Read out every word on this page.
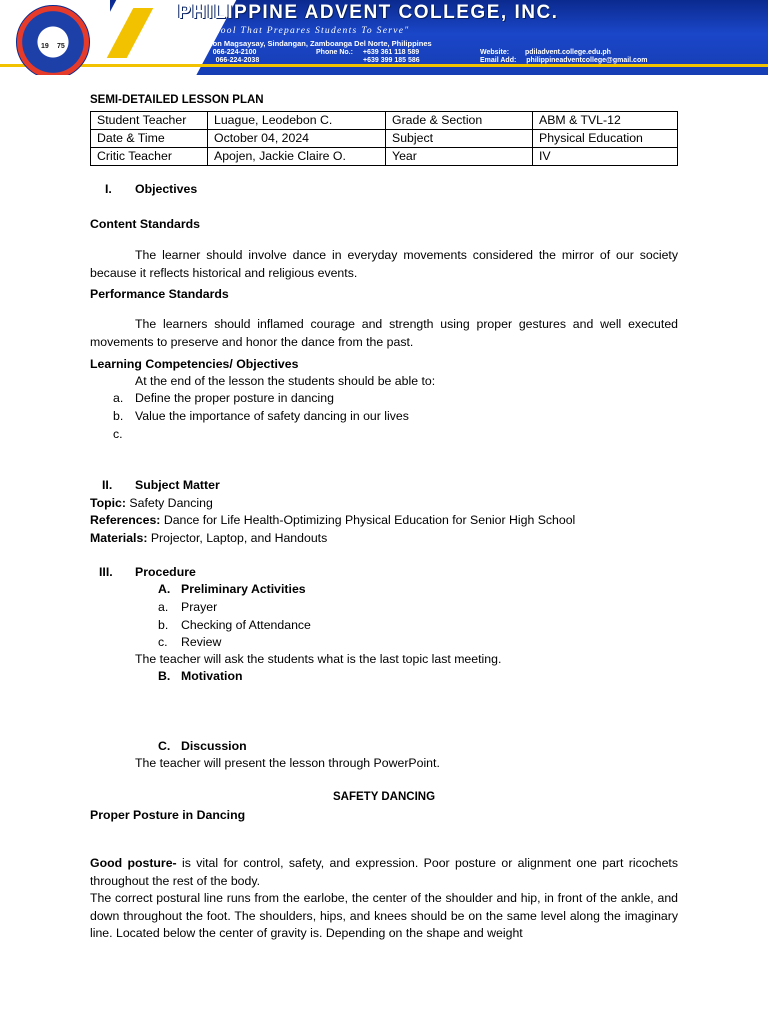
PHILIPPINE ADVENT COLLEGE, INC.
"The School That Prepares Students To Serve"
7112 Ramon Magsaysay, Sindangan, Zamboanga Del Norte, Philippines
Tel No. 066-224-2100
Fax No: 066-224-2038
Phone No.: +639 361 118 589
+639 399 185 586
Website: pdiladvent.college.edu.ph
Email Add: philippineadventcollege@gmail.com
19 75
SEMI-DETAILED LESSON PLAN
Student Teacher	Luague, Leodebon C.	Grade & Section	ABM & TVL-12
Date & Time	October 04, 2024	Subject	Physical Education
Critic Teacher	Apojen, Jackie Claire O.	Year	IV
I. Objectives
Content Standards

The learner should involve dance in everyday movements considered the mirror of our society because it reflects historical and religious events.

Performance Standards

The learners should inflamed courage and strength using proper gestures and well executed movements to preserve and honor the dance from the past.

Learning Competencies/ Objectives
At the end of the lesson the students should be able to:
a. Define the proper posture in dancing
b. Value the importance of safety dancing in our lives
c.
II. Subject Matter
Topic: Safety Dancing
References: Dance for Life Health-Optimizing Physical Education for Senior High School
Materials: Projector, Laptop, and Handouts
III. Procedure
A. Preliminary Activities
a. Prayer
b. Checking of Attendance
c. Review
The teacher will ask the students what is the last topic last meeting.
B. Motivation
C. Discussion
The teacher will present the lesson through PowerPoint.
SAFETY DANCING
Proper Posture in Dancing

Good posture- is vital for control, safety, and expression. Poor posture or alignment one part ricochets throughout the rest of the body.

The correct postural line runs from the earlobe, the center of the shoulder and hip, in front of the ankle, and down throughout the foot. The shoulders, hips, and knees should be on the same level along the imaginary line. Located below the center of gravity is. Depending on the shape and weight
